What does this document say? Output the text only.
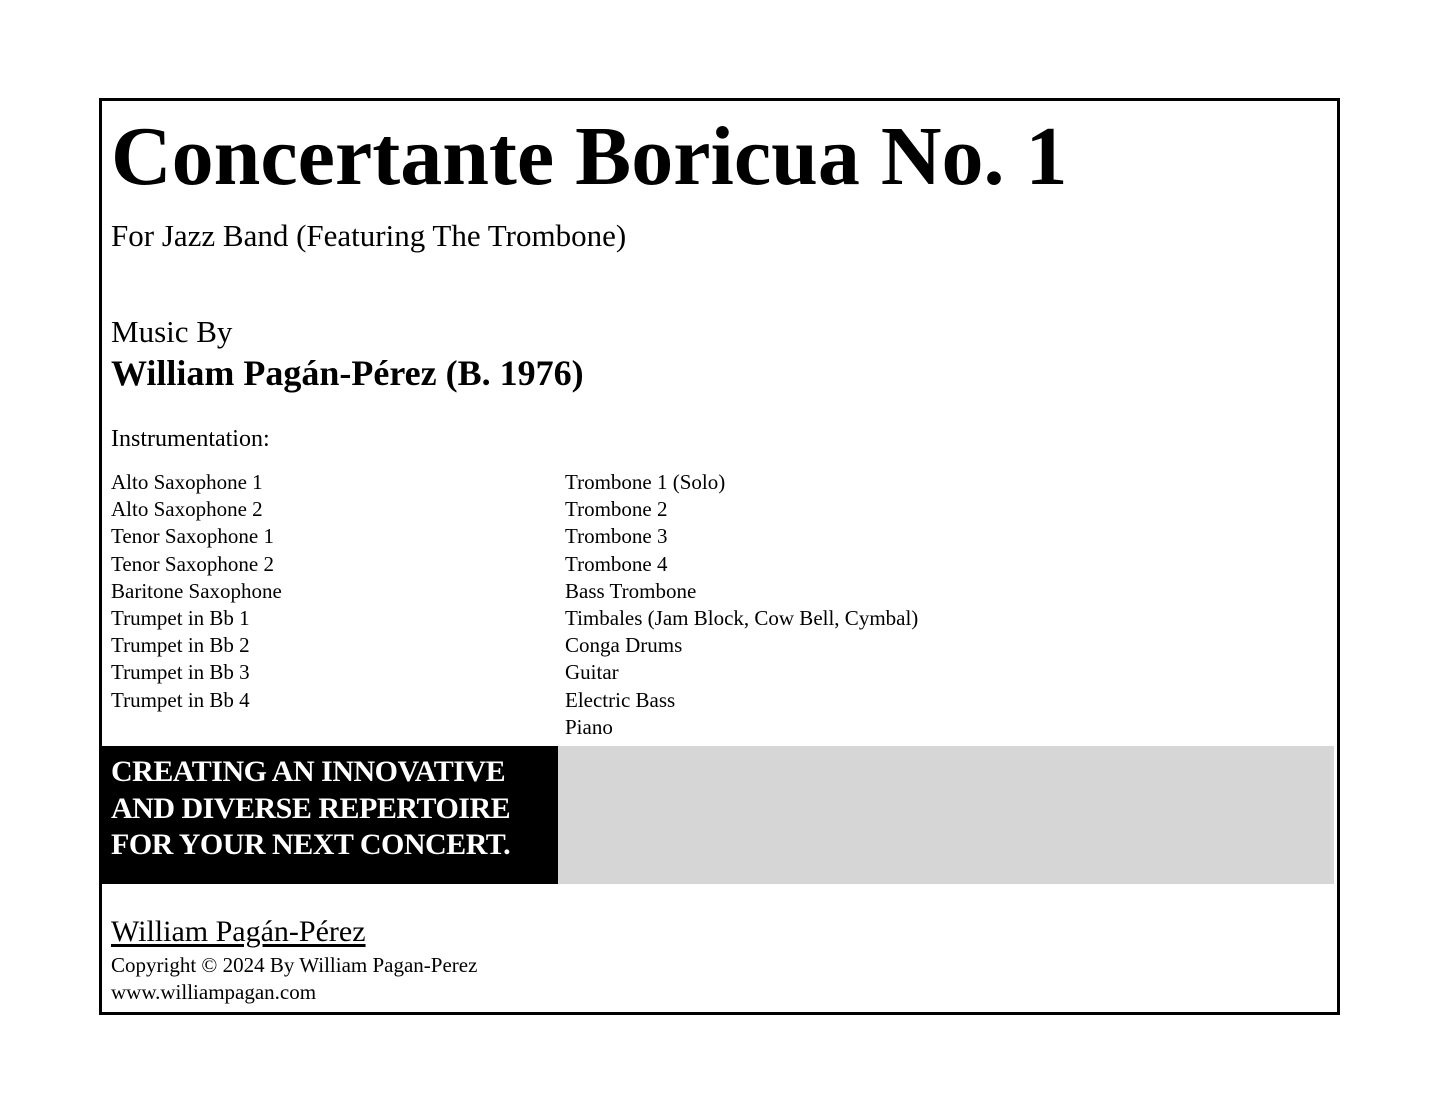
Concertante Boricua No. 1
For Jazz Band (Featuring The Trombone)
Music By
William Pagán-Pérez (B. 1976)
Instrumentation:
Alto Saxophone 1
Alto Saxophone 2
Tenor Saxophone 1
Tenor Saxophone 2
Baritone Saxophone
Trumpet in Bb 1
Trumpet in Bb 2
Trumpet in Bb 3
Trumpet in Bb 4
Trombone 1 (Solo)
Trombone 2
Trombone 3
Trombone 4
Bass Trombone
Timbales (Jam Block, Cow Bell, Cymbal)
Conga Drums
Guitar
Electric Bass
Piano
CREATING AN INNOVATIVE
AND DIVERSE REPERTOIRE
FOR YOUR NEXT CONCERT.
William Pagán-Pérez
Copyright © 2024 By William Pagan-Perez
www.williampagan.com
